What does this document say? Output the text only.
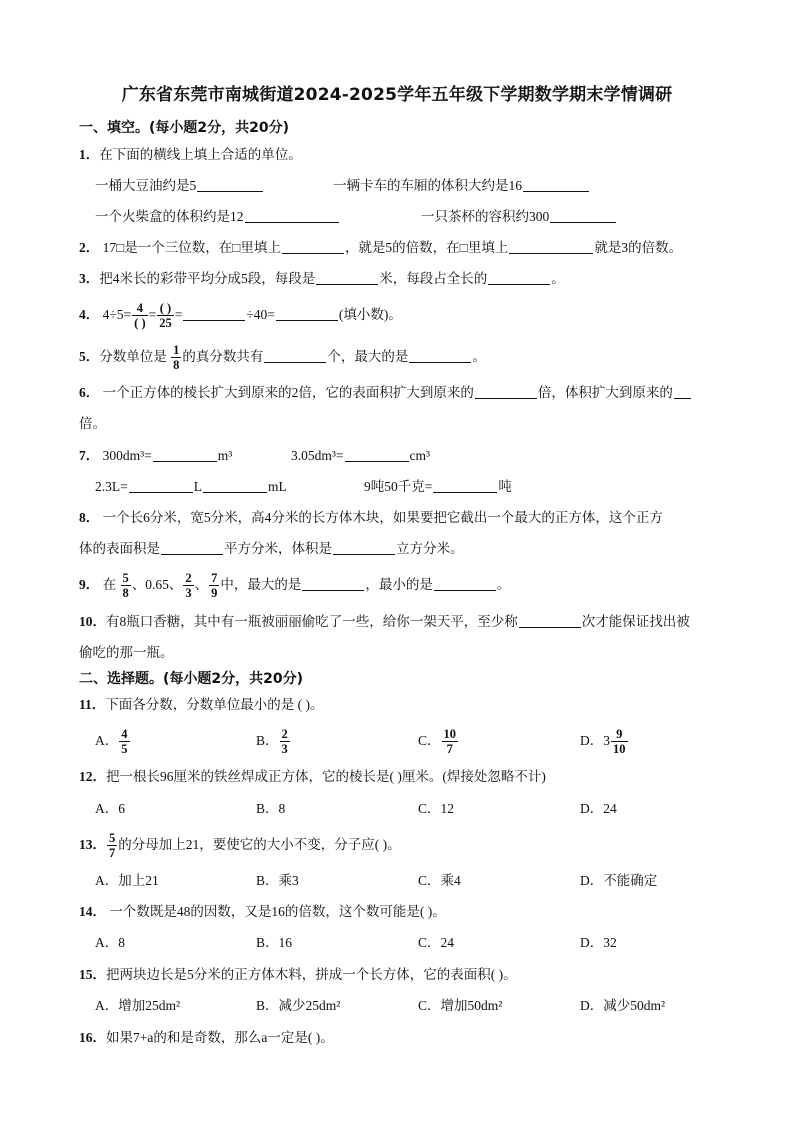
广东省东莞市南城街道2024-2025学年五年级下学期数学期末学情调研
一、填空。(每小题2分，共20分)
1．在下面的横线上填上合适的单位。
一桶大豆油约是5	一辆卡车的车厢的体积大约是16
一个火柴盒的体积约是12	一只茶杯的容积约300
2． 17□是一个三位数，在□里填上	，就是5的倍数，在□里填上	就是3的倍数。
3．把4米长的彩带平均分成5段，每段是	米，每段占全长的	。
4． $4\div 5= \frac{4}{( )} = \frac{( )}{25}$ =	÷40=	(填小数)。
5．分数单位是 $\frac{1}{8}$ 的真分数共有	个，最大的是	。
6． 一个正方体的棱长扩大到原来的2倍，它的表面积扩大到原来的	倍，体积扩大到原来的
倍。
7． 300dm³=	m³	3.05dm³=	cm³
2.3L=	L	mL	9吨50千克=	吨
8． 一个长6分米，宽5分米，高4分米的长方体木块，如果要把它截出一个最大的正方体，这个正方
体的表面积是	平方分米，体积是	立方分米。
9． 在 $\frac{5}{8}$ 、0.65、 $\frac{2}{3}$ 、 $\frac{7}{9}$ 中，最大的是	，最小的是	。
10．有8瓶口香糖，其中有一瓶被丽丽偷吃了一些，给你一架天平，至少称	次才能保证找出被
偷吃的那一瓶。
二、选择题。(每小题2分，共20分)
11．下面各分数，分数单位最小的是 ( )。
A． $\frac{4}{5}$	B． $\frac{2}{3}$	C． $\frac{10}{7}$	D．$3 \frac{9}{10}$
12．把一根长96厘米的铁丝焊成正方体，它的棱长是( )厘米。(焊接处忽略不计)
A．6	B．8	C．12	D．24
13． $\frac{5}{7}$ 的分母加上21，要使它的大小不变，分子应( )。
A．加上21	B．乘3	C．乘4	D．不能确定
14． 一个数既是48的因数，又是16的倍数，这个数可能是( )。
A．8	B．16	C．24	D．32
15．把两块边长是5分米的正方体木料，拼成一个长方体，它的表面积( )。
A．增加25dm²	B．减少25dm²	C．增加50dm²	D．减少50dm²
16．如果7+a的和是奇数，那么a一定是( )。
